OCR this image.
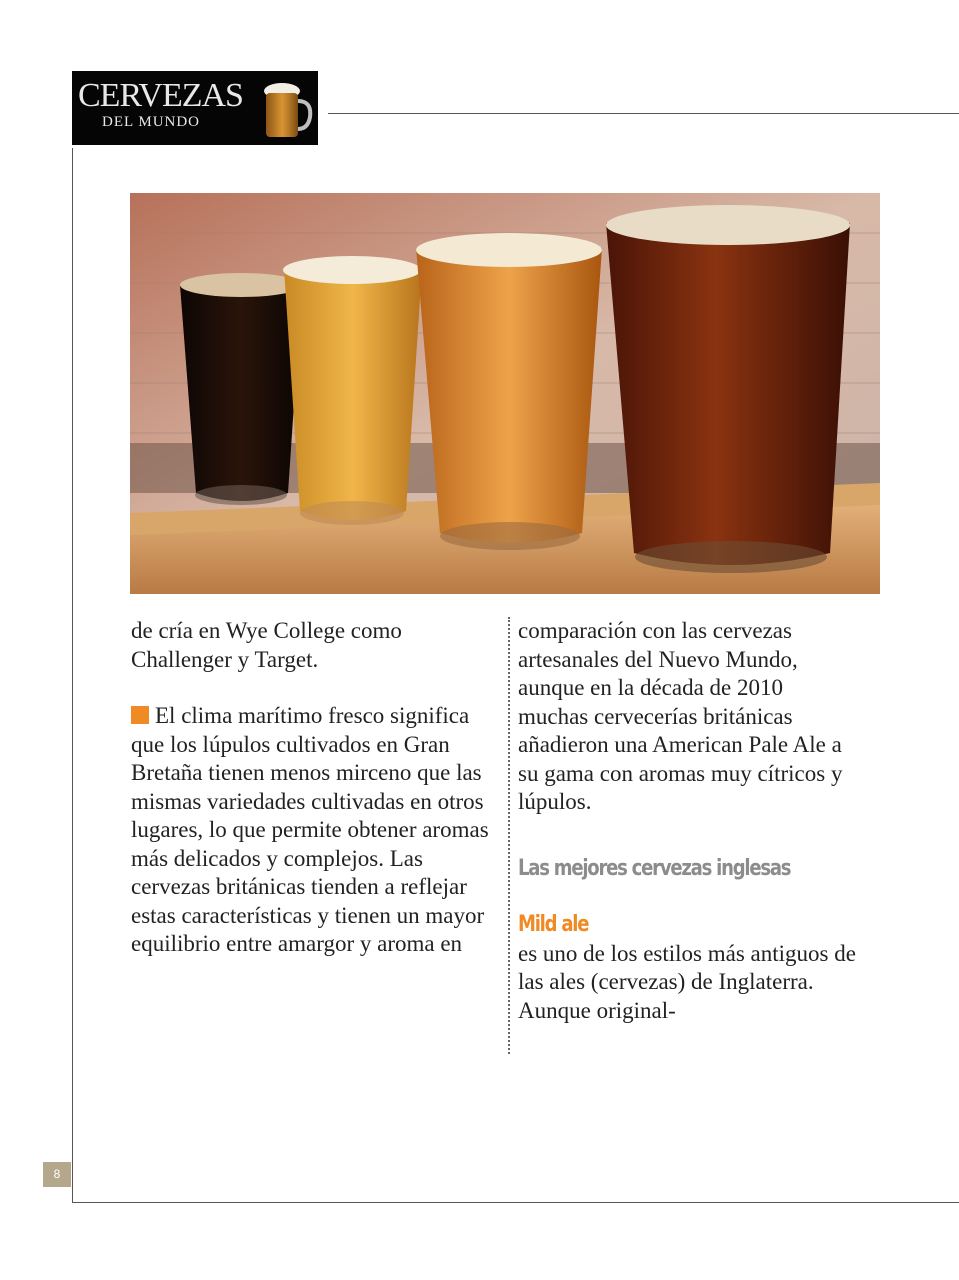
CERVEZAS
DEL MUNDO
8

de cría en Wye College como Challenger y Target.

El clima marítimo fresco significa que los lúpulos cultivados en Gran Bretaña tienen menos mirceno que las mismas variedades cultivadas en otros lugares, lo que permite obtener aromas más delicados y complejos. Las cervezas británicas tienden a reflejar estas características y tienen un mayor equilibrio entre amargor y aroma en

comparación con las cervezas artesanales del Nuevo Mundo, aunque en la década de 2010 muchas cervecerías británicas añadieron una American Pale Ale a su gama con aromas muy cítricos y lúpulos.

Las mejores cervezas inglesas

Mild ale

es uno de los estilos más antiguos de las ales (cervezas) de Inglaterra. Aunque original-
